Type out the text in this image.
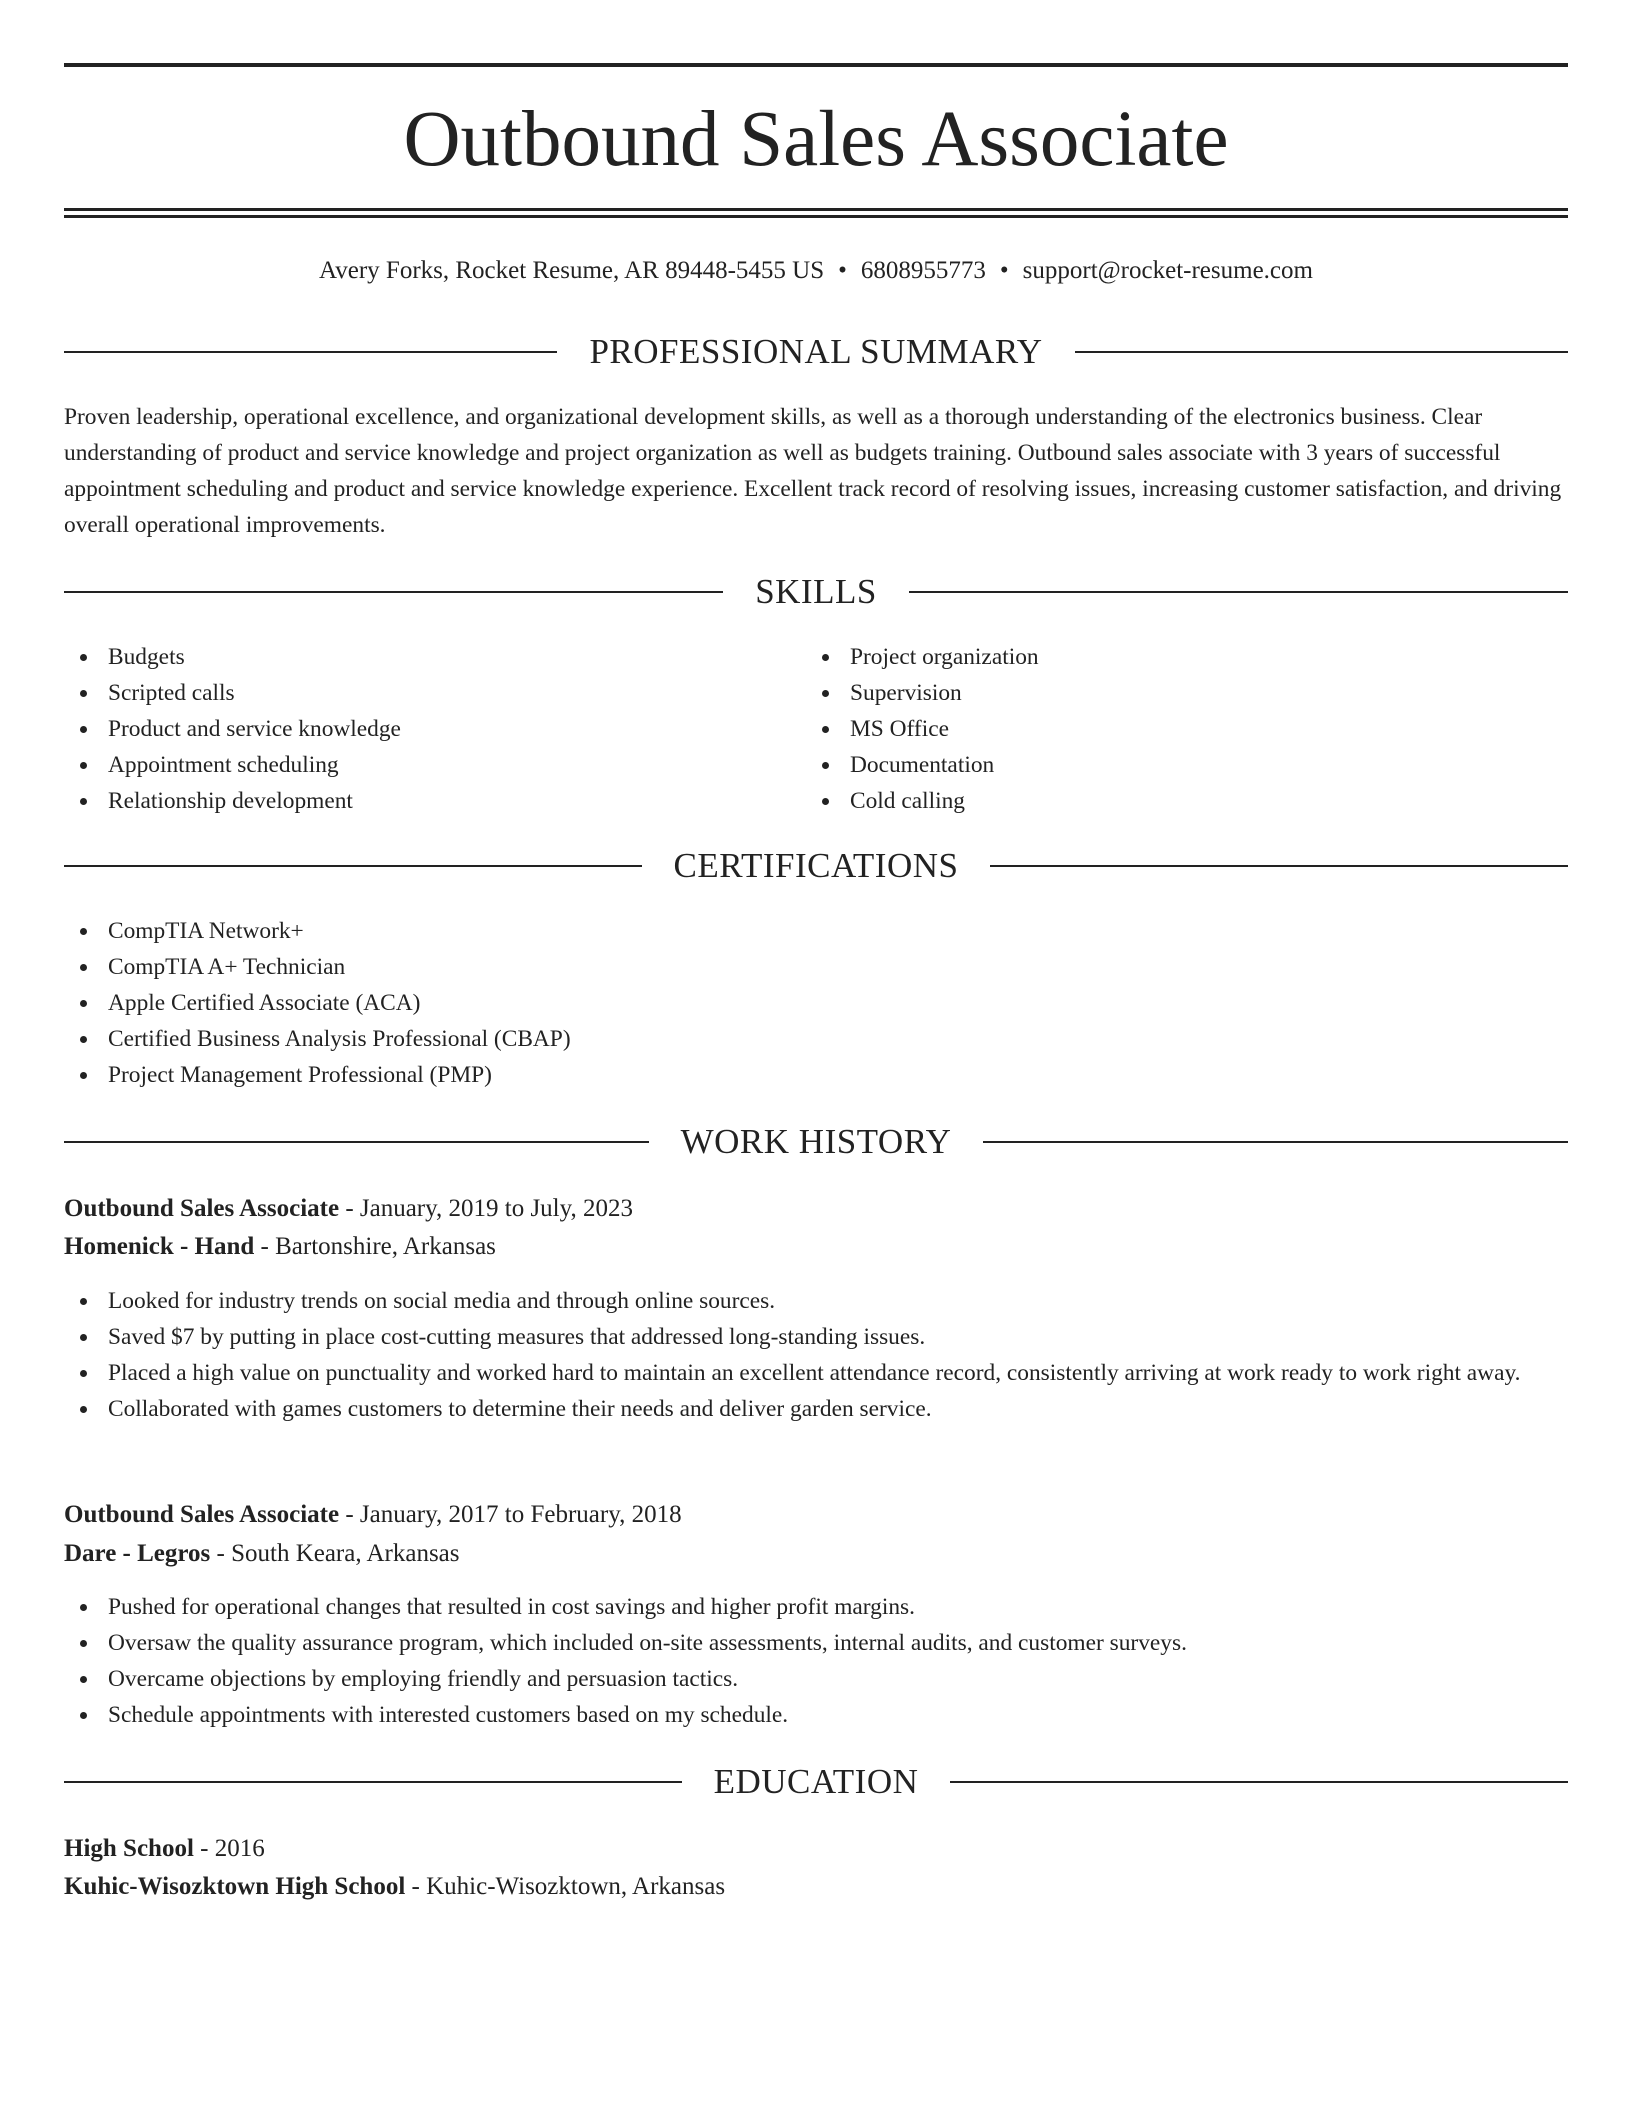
Outbound Sales Associate
Avery Forks, Rocket Resume, AR 89448-5455 US • 6808955773 • support@rocket-resume.com
PROFESSIONAL SUMMARY

Proven leadership, operational excellence, and organizational development skills, as well as a thorough understanding of the electronics business. Clear understanding of product and service knowledge and project organization as well as budgets training. Outbound sales associate with 3 years of successful appointment scheduling and product and service knowledge experience. Excellent track record of resolving issues, increasing customer satisfaction, and driving overall operational improvements.

SKILLS
Budgets
Scripted calls
Product and service knowledge
Appointment scheduling
Relationship development
Project organization
Supervision
MS Office
Documentation
Cold calling
CERTIFICATIONS
CompTIA Network+
CompTIA A+ Technician
Apple Certified Associate (ACA)
Certified Business Analysis Professional (CBAP)
Project Management Professional (PMP)
WORK HISTORY
Outbound Sales Associate - January, 2019 to July, 2023
Homenick - Hand - Bartonshire, Arkansas
Looked for industry trends on social media and through online sources.
Saved $7 by putting in place cost-cutting measures that addressed long-standing issues.
Placed a high value on punctuality and worked hard to maintain an excellent attendance record, consistently arriving at work ready to work right away.
Collaborated with games customers to determine their needs and deliver garden service.
Outbound Sales Associate - January, 2017 to February, 2018
Dare - Legros - South Keara, Arkansas
Pushed for operational changes that resulted in cost savings and higher profit margins.
Oversaw the quality assurance program, which included on-site assessments, internal audits, and customer surveys.
Overcame objections by employing friendly and persuasion tactics.
Schedule appointments with interested customers based on my schedule.
EDUCATION
High School - 2016
Kuhic-Wisozktown High School - Kuhic-Wisozktown, Arkansas
